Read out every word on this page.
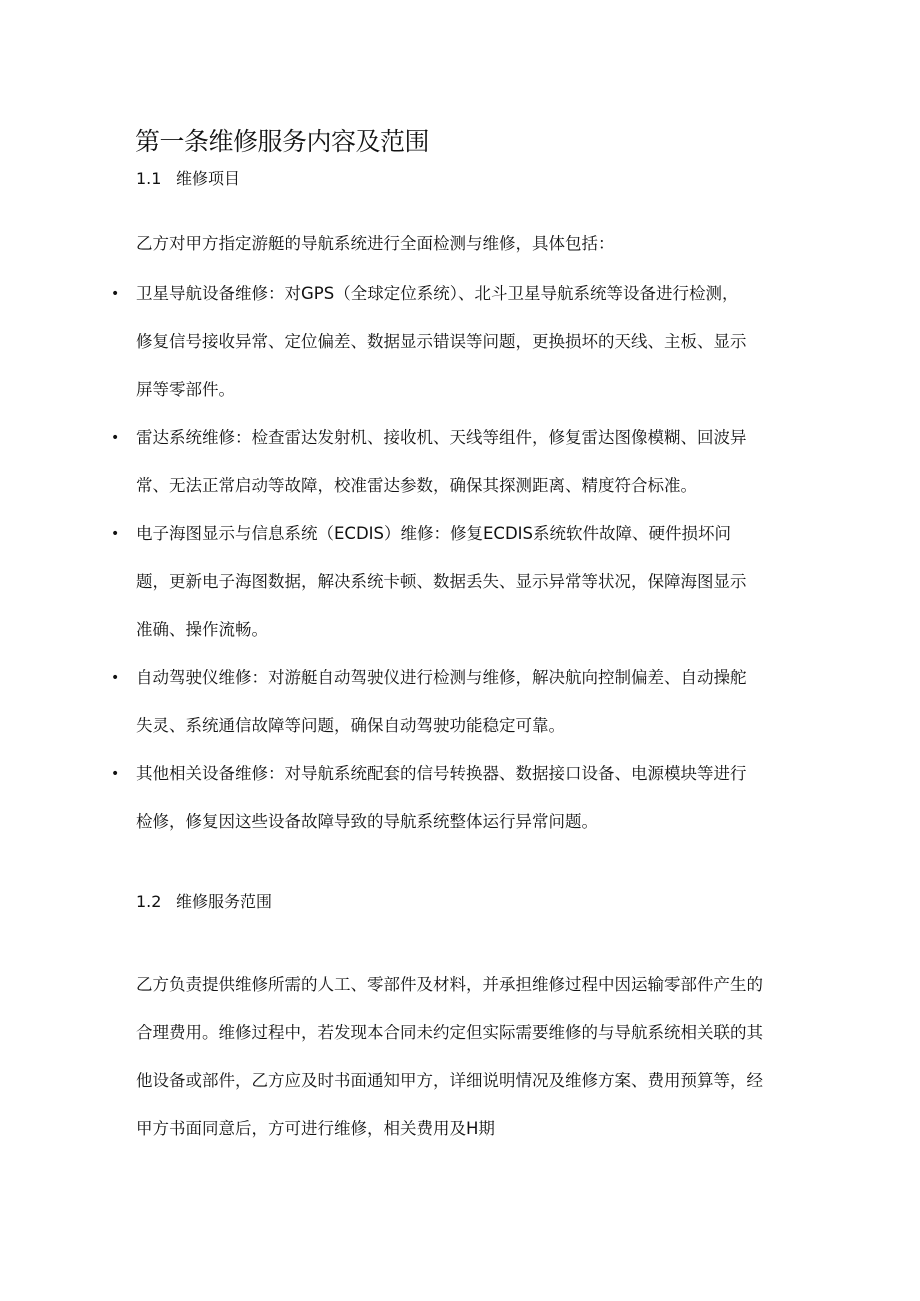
第一条维修服务内容及范围
1.1 维修项目

乙方对甲方指定游艇的导航系统进行全面检测与维修，具体包括：

• 卫星导航设备维修：对GPS（全球定位系统）、北斗卫星导航系统等设备进行检测，
修复信号接收异常、定位偏差、数据显示错误等问题，更换损坏的天线、主板、显示
屏等零部件。
• 雷达系统维修：检查雷达发射机、接收机、天线等组件，修复雷达图像模糊、回波异
常、无法正常启动等故障，校准雷达参数，确保其探测距离、精度符合标准。
• 电子海图显示与信息系统（ECDIS）维修：修复ECDIS系统软件故障、硬件损坏问
题，更新电子海图数据，解决系统卡顿、数据丢失、显示异常等状况，保障海图显示
准确、操作流畅。
• 自动驾驶仪维修：对游艇自动驾驶仪进行检测与维修，解决航向控制偏差、自动操舵
失灵、系统通信故障等问题，确保自动驾驶功能稳定可靠。
• 其他相关设备维修：对导航系统配套的信号转换器、数据接口设备、电源模块等进行
检修，修复因这些设备故障导致的导航系统整体运行异常问题。
1.2 维修服务范围

乙方负责提供维修所需的人工、零部件及材料，并承担维修过程中因运输零部件产生的
合理费用。维修过程中，若发现本合同未约定但实际需要维修的与导航系统相关联的其
他设备或部件，乙方应及时书面通知甲方，详细说明情况及维修方案、费用预算等，经
甲方书面同意后，方可进行维修，相关费用及H期
